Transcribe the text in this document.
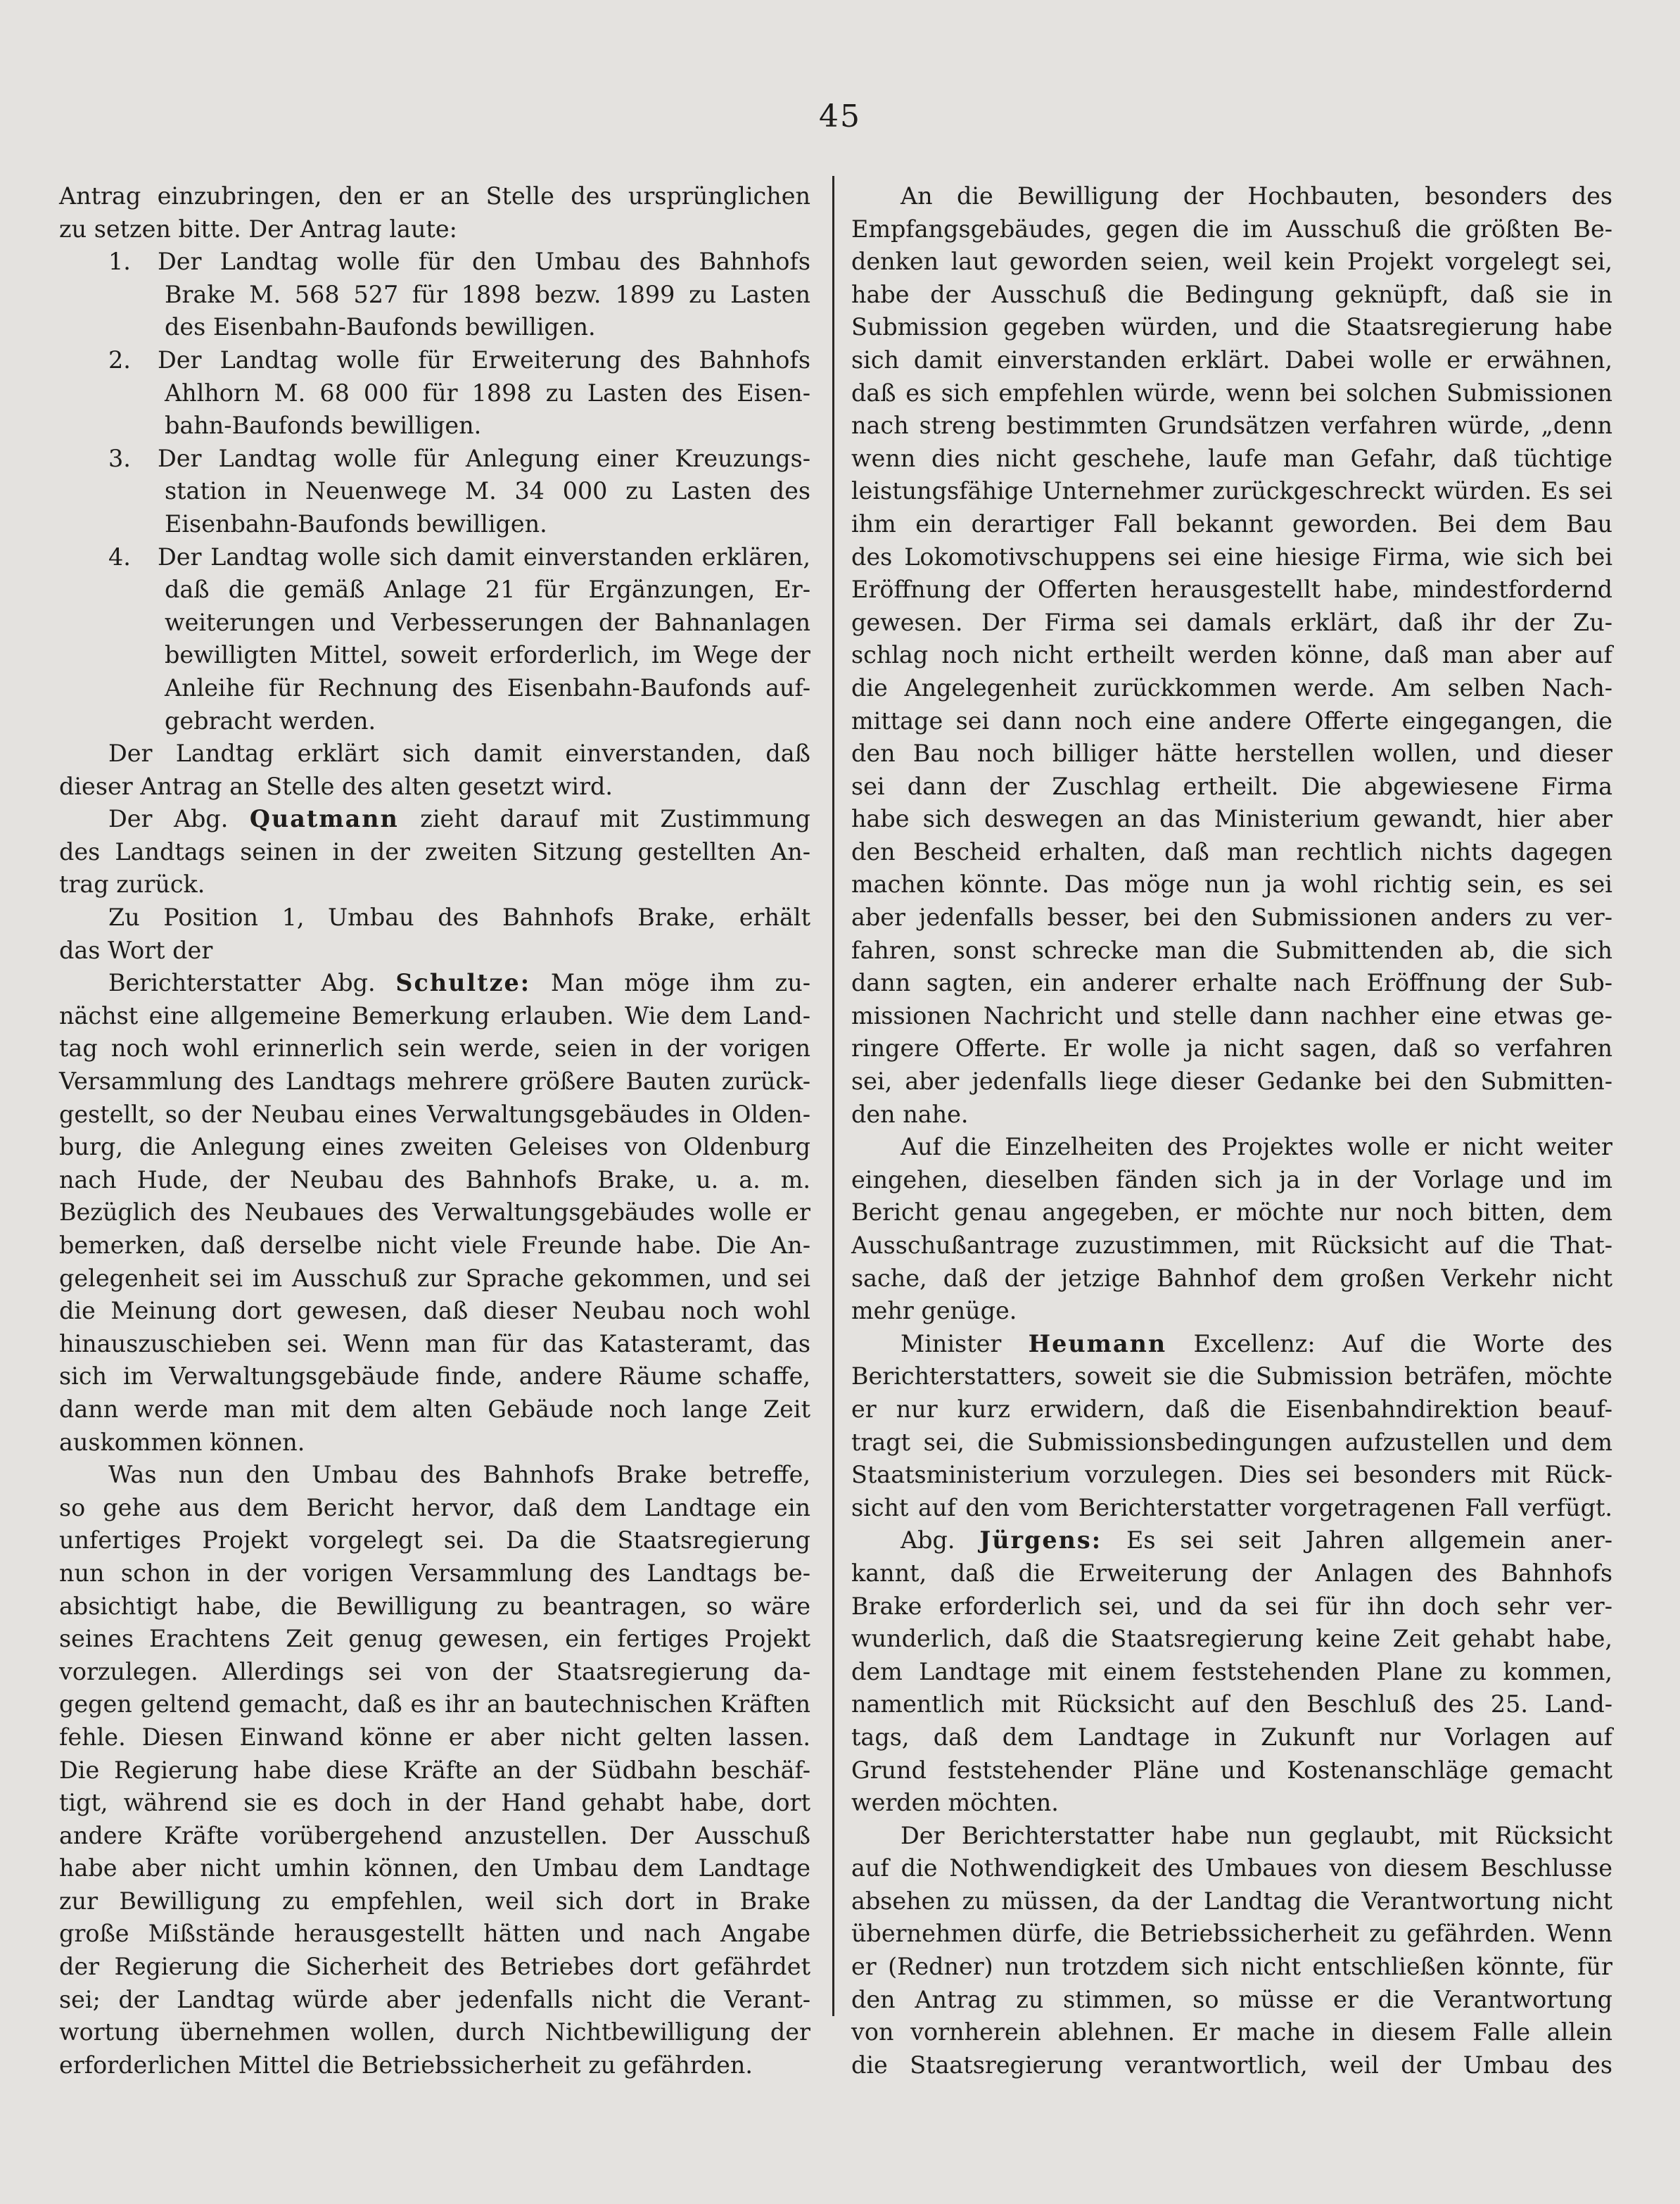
45
Antrag einzubringen, den er an Stelle des ursprünglichen
zu setzen bitte. Der Antrag laute:
1. Der Landtag wolle für den Umbau des Bahnhofs
Brake M. 568 527 für 1898 bezw. 1899 zu Lasten
des Eisenbahn-Baufonds bewilligen.
2. Der Landtag wolle für Erweiterung des Bahnhofs
Ahlhorn M. 68 000 für 1898 zu Lasten des Eisen-
bahn-Baufonds bewilligen.
3. Der Landtag wolle für Anlegung einer Kreuzungs-
station in Neuenwege M. 34 000 zu Lasten des
Eisenbahn-Baufonds bewilligen.
4. Der Landtag wolle sich damit einverstanden erklären,
daß die gemäß Anlage 21 für Ergänzungen, Er-
weiterungen und Verbesserungen der Bahnanlagen
bewilligten Mittel, soweit erforderlich, im Wege der
Anleihe für Rechnung des Eisenbahn-Baufonds auf-
gebracht werden.
Der Landtag erklärt sich damit einverstanden, daß
dieser Antrag an Stelle des alten gesetzt wird.
Der Abg. Quatmann zieht darauf mit Zustimmung
des Landtags seinen in der zweiten Sitzung gestellten An-
trag zurück.
Zu Position 1, Umbau des Bahnhofs Brake, erhält
das Wort der
Berichterstatter Abg. Schultze: Man möge ihm zu-
nächst eine allgemeine Bemerkung erlauben. Wie dem Land-
tag noch wohl erinnerlich sein werde, seien in der vorigen
Versammlung des Landtags mehrere größere Bauten zurück-
gestellt, so der Neubau eines Verwaltungsgebäudes in Olden-
burg, die Anlegung eines zweiten Geleises von Oldenburg
nach Hude, der Neubau des Bahnhofs Brake, u. a. m.
Bezüglich des Neubaues des Verwaltungsgebäudes wolle er
bemerken, daß derselbe nicht viele Freunde habe. Die An-
gelegenheit sei im Ausschuß zur Sprache gekommen, und sei
die Meinung dort gewesen, daß dieser Neubau noch wohl
hinauszuschieben sei. Wenn man für das Katasteramt, das
sich im Verwaltungsgebäude finde, andere Räume schaffe,
dann werde man mit dem alten Gebäude noch lange Zeit
auskommen können.
Was nun den Umbau des Bahnhofs Brake betreffe,
so gehe aus dem Bericht hervor, daß dem Landtage ein
unfertiges Projekt vorgelegt sei. Da die Staatsregierung
nun schon in der vorigen Versammlung des Landtags be-
absichtigt habe, die Bewilligung zu beantragen, so wäre
seines Erachtens Zeit genug gewesen, ein fertiges Projekt
vorzulegen. Allerdings sei von der Staatsregierung da-
gegen geltend gemacht, daß es ihr an bautechnischen Kräften
fehle. Diesen Einwand könne er aber nicht gelten lassen.
Die Regierung habe diese Kräfte an der Südbahn beschäf-
tigt, während sie es doch in der Hand gehabt habe, dort
andere Kräfte vorübergehend anzustellen. Der Ausschuß
habe aber nicht umhin können, den Umbau dem Landtage
zur Bewilligung zu empfehlen, weil sich dort in Brake
große Mißstände herausgestellt hätten und nach Angabe
der Regierung die Sicherheit des Betriebes dort gefährdet
sei; der Landtag würde aber jedenfalls nicht die Verant-
wortung übernehmen wollen, durch Nichtbewilligung der
erforderlichen Mittel die Betriebssicherheit zu gefährden.
An die Bewilligung der Hochbauten, besonders des
Empfangsgebäudes, gegen die im Ausschuß die größten Be-
denken laut geworden seien, weil kein Projekt vorgelegt sei,
habe der Ausschuß die Bedingung geknüpft, daß sie in
Submission gegeben würden, und die Staatsregierung habe
sich damit einverstanden erklärt. Dabei wolle er erwähnen,
daß es sich empfehlen würde, wenn bei solchen Submissionen
nach streng bestimmten Grundsätzen verfahren würde, „denn
wenn dies nicht geschehe, laufe man Gefahr, daß tüchtige
leistungsfähige Unternehmer zurückgeschreckt würden. Es sei
ihm ein derartiger Fall bekannt geworden. Bei dem Bau
des Lokomotivschuppens sei eine hiesige Firma, wie sich bei
Eröffnung der Offerten herausgestellt habe, mindestfordernd
gewesen. Der Firma sei damals erklärt, daß ihr der Zu-
schlag noch nicht ertheilt werden könne, daß man aber auf
die Angelegenheit zurückkommen werde. Am selben Nach-
mittage sei dann noch eine andere Offerte eingegangen, die
den Bau noch billiger hätte herstellen wollen, und dieser
sei dann der Zuschlag ertheilt. Die abgewiesene Firma
habe sich deswegen an das Ministerium gewandt, hier aber
den Bescheid erhalten, daß man rechtlich nichts dagegen
machen könnte. Das möge nun ja wohl richtig sein, es sei
aber jedenfalls besser, bei den Submissionen anders zu ver-
fahren, sonst schrecke man die Submittenden ab, die sich
dann sagten, ein anderer erhalte nach Eröffnung der Sub-
missionen Nachricht und stelle dann nachher eine etwas ge-
ringere Offerte. Er wolle ja nicht sagen, daß so verfahren
sei, aber jedenfalls liege dieser Gedanke bei den Submitten-
den nahe.
Auf die Einzelheiten des Projektes wolle er nicht weiter
eingehen, dieselben fänden sich ja in der Vorlage und im
Bericht genau angegeben, er möchte nur noch bitten, dem
Ausschußantrage zuzustimmen, mit Rücksicht auf die That-
sache, daß der jetzige Bahnhof dem großen Verkehr nicht
mehr genüge.
Minister Heumann Excellenz: Auf die Worte des
Berichterstatters, soweit sie die Submission beträfen, möchte
er nur kurz erwidern, daß die Eisenbahndirektion beauf-
tragt sei, die Submissionsbedingungen aufzustellen und dem
Staatsministerium vorzulegen. Dies sei besonders mit Rück-
sicht auf den vom Berichterstatter vorgetragenen Fall verfügt.
Abg. Jürgens: Es sei seit Jahren allgemein aner-
kannt, daß die Erweiterung der Anlagen des Bahnhofs
Brake erforderlich sei, und da sei für ihn doch sehr ver-
wunderlich, daß die Staatsregierung keine Zeit gehabt habe,
dem Landtage mit einem feststehenden Plane zu kommen,
namentlich mit Rücksicht auf den Beschluß des 25. Land-
tags, daß dem Landtage in Zukunft nur Vorlagen auf
Grund feststehender Pläne und Kostenanschläge gemacht
werden möchten.
Der Berichterstatter habe nun geglaubt, mit Rücksicht
auf die Nothwendigkeit des Umbaues von diesem Beschlusse
absehen zu müssen, da der Landtag die Verantwortung nicht
übernehmen dürfe, die Betriebssicherheit zu gefährden. Wenn
er (Redner) nun trotzdem sich nicht entschließen könnte, für
den Antrag zu stimmen, so müsse er die Verantwortung
von vornherein ablehnen. Er mache in diesem Falle allein
die Staatsregierung verantwortlich, weil der Umbau des
